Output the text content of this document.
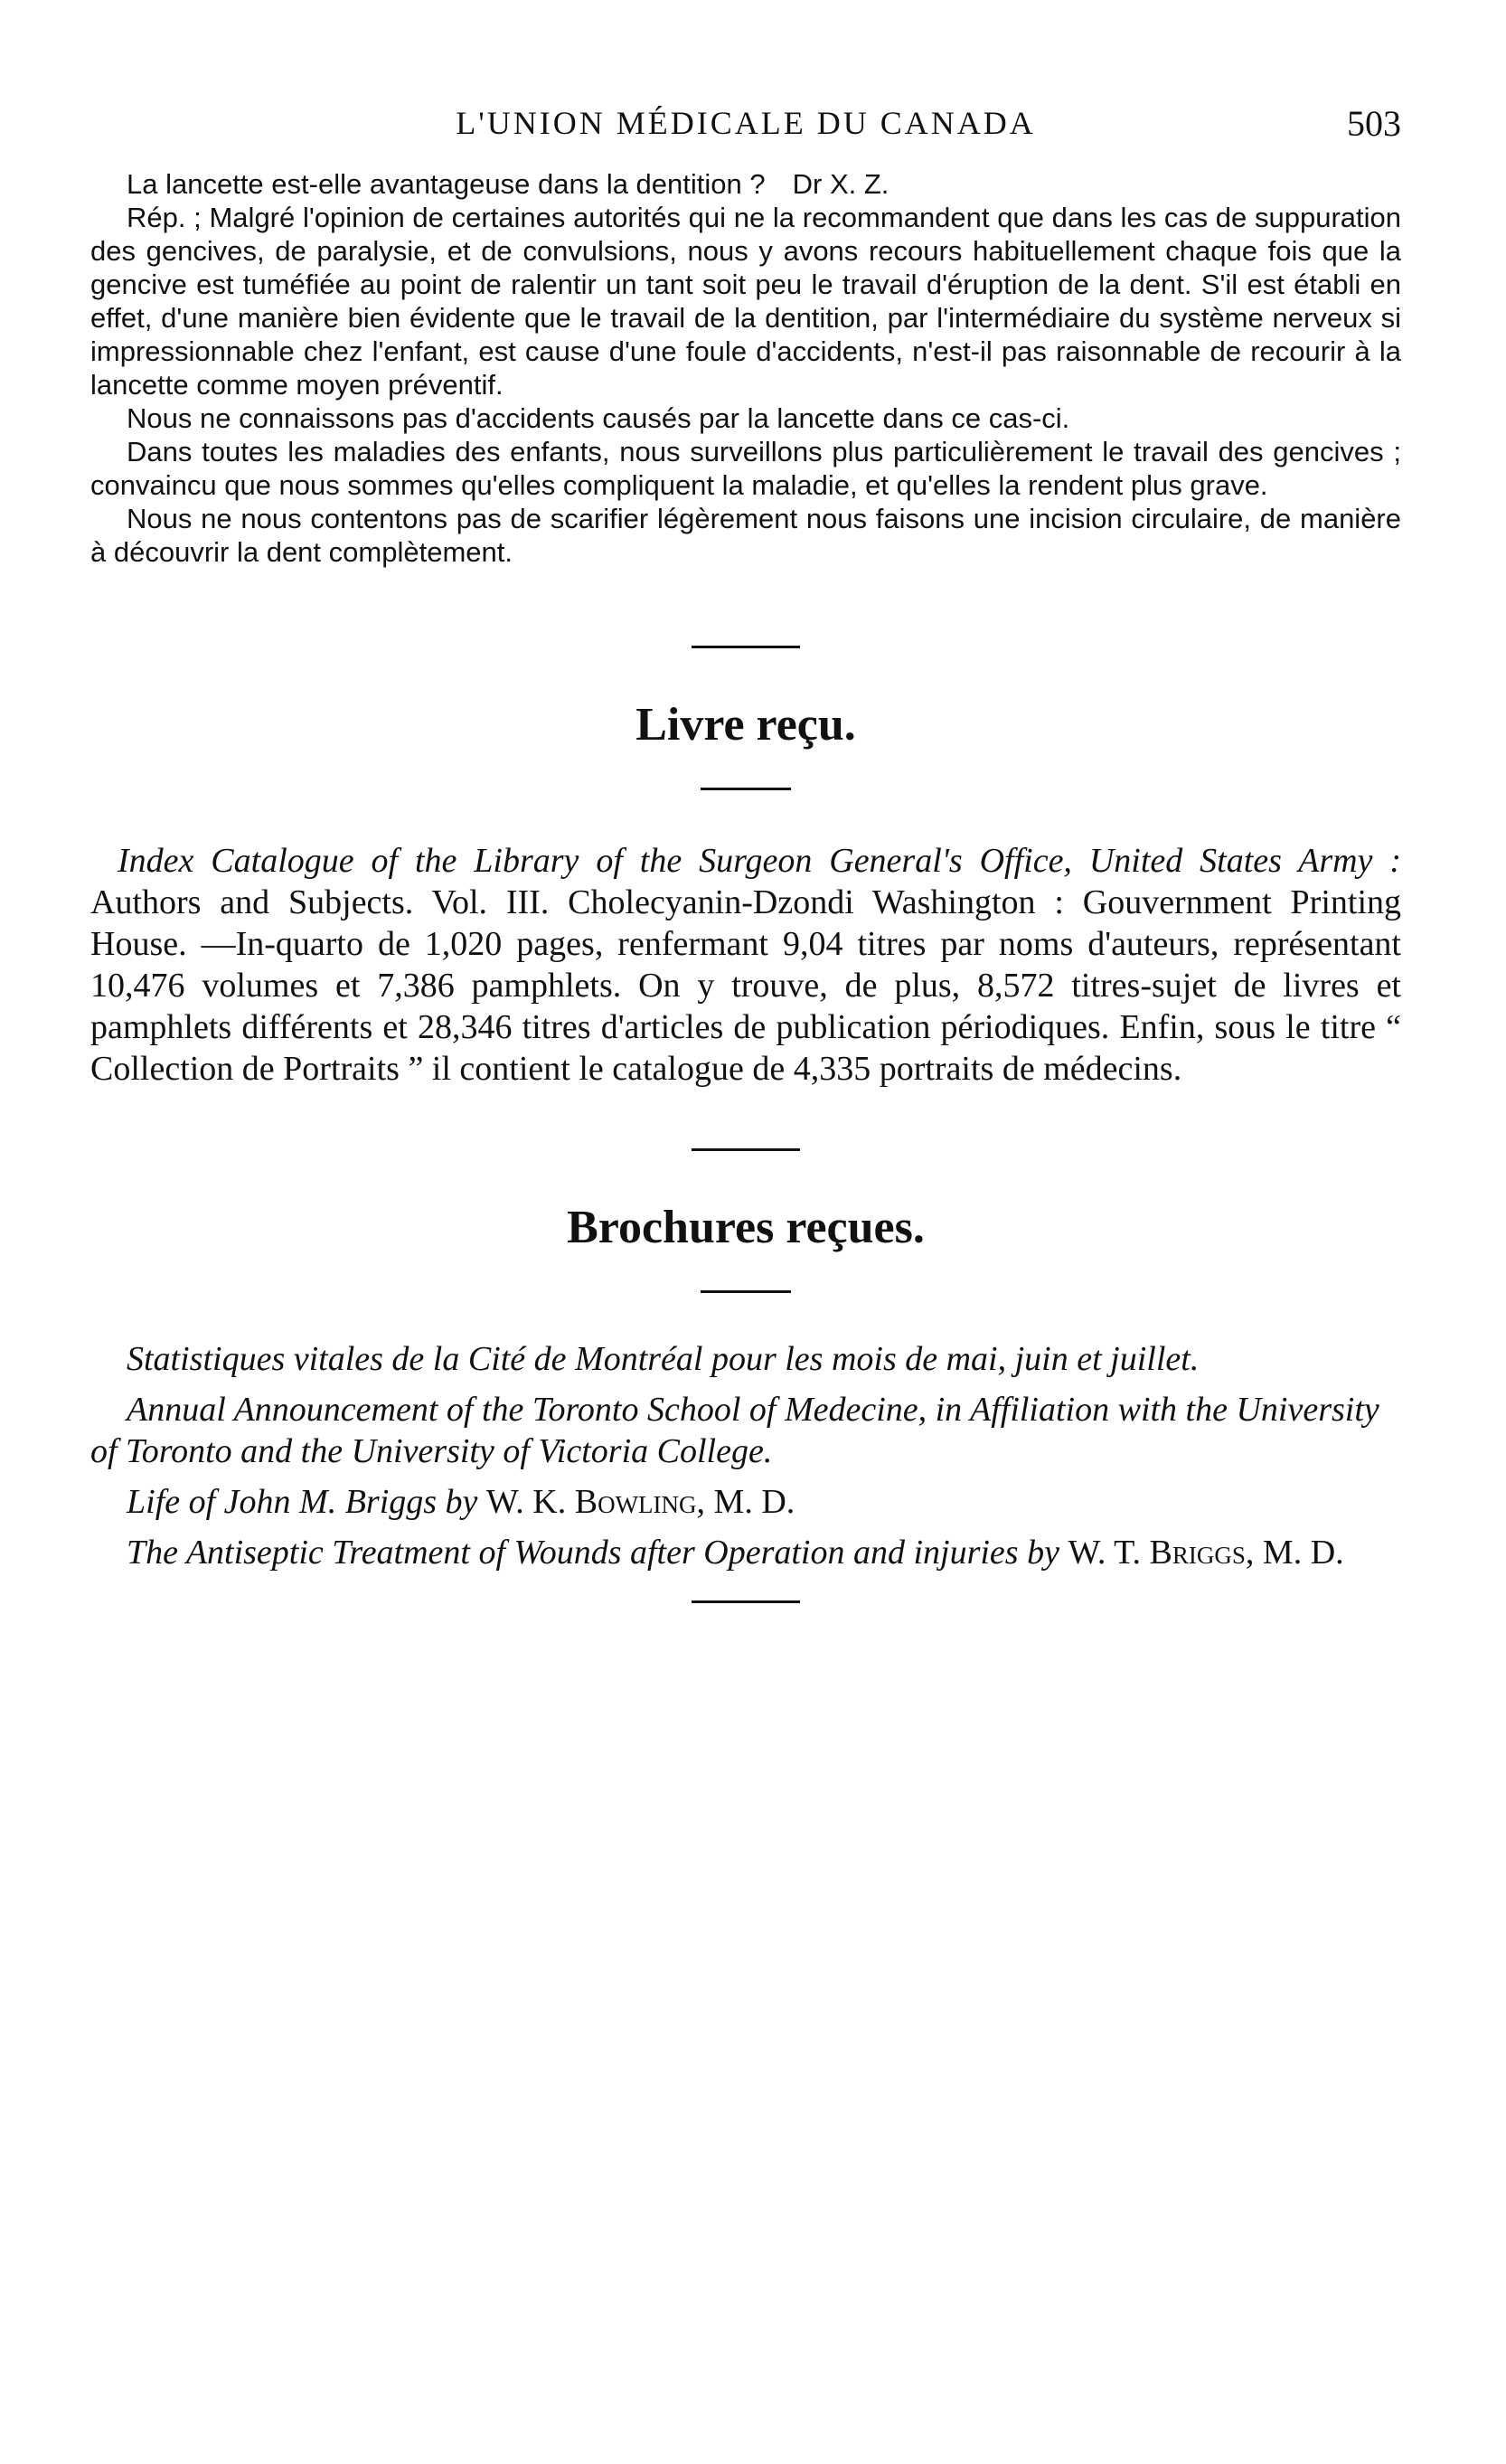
L'UNION MÉDICALE DU CANADA	503
La lancette est-elle avantageuse dans la dentition ? Dr X. Z.

Rép. ; Malgré l'opinion de certaines autorités qui ne la recommandent que dans les cas de suppuration des gencives, de paralysie, et de convulsions, nous y avons recours habituellement chaque fois que la gencive est tuméfiée au point de ralentir un tant soit peu le travail d'éruption de la dent. S'il est établi en effet, d'une manière bien évidente que le travail de la dentition, par l'intermédiaire du système nerveux si impressionnable chez l'enfant, est cause d'une foule d'accidents, n'est-il pas raisonnable de recourir à la lancette comme moyen préventif.

Nous ne connaissons pas d'accidents causés par la lancette dans ce cas-ci.

Dans toutes les maladies des enfants, nous surveillons plus particulièrement le travail des gencives ; convaincu que nous sommes qu'elles compliquent la maladie, et qu'elles la rendent plus grave.

Nous ne nous contentons pas de scarifier légèrement nous faisons une incision circulaire, de manière à découvrir la dent complètement.

Livre reçu.

Index Catalogue of the Library of the Surgeon General's Office, United States Army : Authors and Subjects. Vol. III. Cholecyanin-Dzondi Washington : Gouvernment Printing House. —In-quarto de 1,020 pages, renfermant 9,04 titres par noms d'auteurs, représentant 10,476 volumes et 7,386 pamphlets. On y trouve, de plus, 8,572 titres-sujet de livres et pamphlets différents et 28,346 titres d'articles de publication périodiques. Enfin, sous le titre “ Collection de Portraits ” il contient le catalogue de 4,335 portraits de médecins.

Brochures reçues.

Statistiques vitales de la Cité de Montréal pour les mois de mai, juin et juillet.

Annual Announcement of the Toronto School of Medecine, in Affiliation with the University of Toronto and the University of Victoria College.

Life of John M. Briggs by W. K. Bowling, M. D.

The Antiseptic Treatment of Wounds after Operation and injuries by W. T. Briggs, M. D.
